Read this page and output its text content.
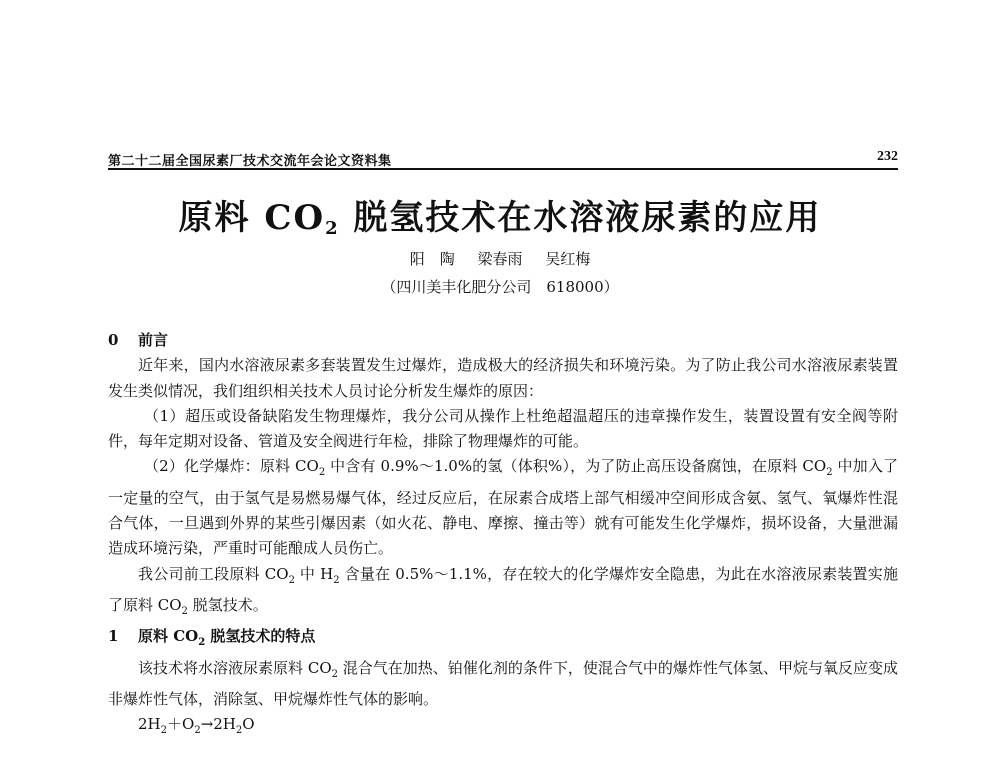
第二十二届全国尿素厂技术交流年会论文资料集	232
原料 $CO_2$ 脱氢技术在水溶液尿素的应用
阳　陶 梁春雨 吴红梅
（四川美丰化肥分公司　618000）
0 前言

近年来，国内水溶液尿素多套装置发生过爆炸，造成极大的经济损失和环境污染。为了防止我公司水溶液尿素装置发生类似情况，我们组织相关技术人员讨论分析发生爆炸的原因：

（1）超压或设备缺陷发生物理爆炸，我分公司从操作上杜绝超温超压的违章操作发生，装置设置有安全阀等附件，每年定期对设备、管道及安全阀进行年检，排除了物理爆炸的可能。

（2）化学爆炸：原料 $CO_2$ 中含有 0.9%～1.0%的氢（体积%），为了防止高压设备腐蚀，在原料 $CO_2$ 中加入了一定量的空气，由于氢气是易燃易爆气体，经过反应后，在尿素合成塔上部气相缓冲空间形成含氨、氢气、氧爆炸性混合气体，一旦遇到外界的某些引爆因素（如火花、静电、摩擦、撞击等）就有可能发生化学爆炸，损坏设备，大量泄漏造成环境污染，严重时可能酿成人员伤亡。

我公司前工段原料 $CO_2$ 中 $H_2$ 含量在 0.5%～1.1%，存在较大的化学爆炸安全隐患，为此在水溶液尿素装置实施了原料 $CO_2$ 脱氢技术。

1 原料 $CO_2$ 脱氢技术的特点

该技术将水溶液尿素原料 $CO_2$ 混合气在加热、铂催化剂的条件下，使混合气中的爆炸性气体氢、甲烷与氧反应变成非爆炸性气体，消除氢、甲烷爆炸性气体的影响。

$2H_2+O_2\to 2H_2O$
